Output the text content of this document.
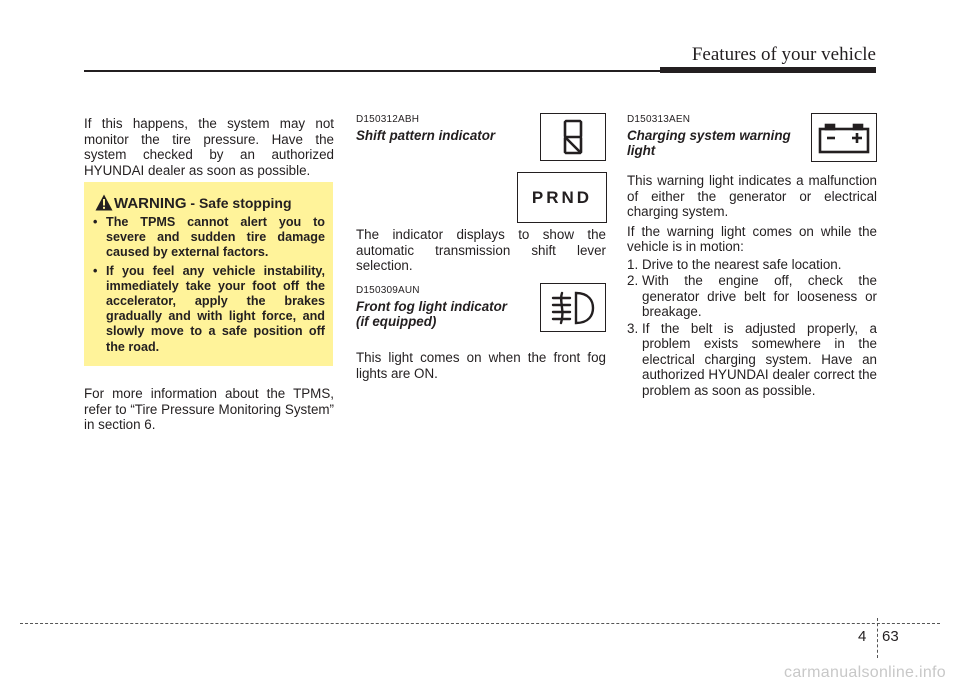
Features of your vehicle

If this happens, the system may not monitor the tire pressure. Have the system checked by an authorized HYUNDAI dealer as soon as possible.

WARNING - Safe stopping
• The TPMS cannot alert you to severe and sudden tire damage caused by external factors.
• If you feel any vehicle instability, immediately take your foot off the accelerator, apply the brakes gradually and with light force, and slowly move to a safe position off the road.

For more information about the TPMS, refer to “Tire Pressure Monitoring System” in section 6.

D150312ABH

Shift pattern indicator

PRND

The indicator displays to show the automatic transmission shift lever selection.

D150309AUN

Front fog light indicator
(if equipped)

This light comes on when the front fog lights are ON.

D150313AEN

Charging system warning
light

This warning light indicates a malfunction of either the generator or electrical charging system.

If the warning light comes on while the vehicle is in motion:

1. Drive to the nearest safe location.
2. With the engine off, check the generator drive belt for looseness or breakage.
3. If the belt is adjusted properly, a problem exists somewhere in the electrical charging system. Have an authorized HYUNDAI dealer correct the problem as soon as possible.
4 63
carmanualsonline.info
